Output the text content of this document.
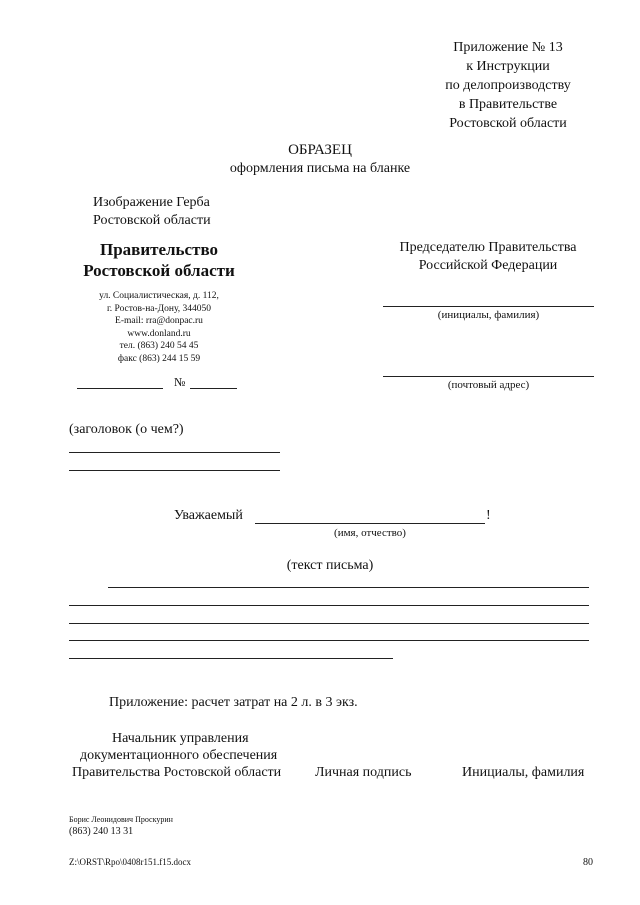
Приложение № 13
к Инструкции
по делопроизводству
в Правительстве
Ростовской области
ОБРАЗЕЦ
оформления письма на бланке
Изображение Герба
Ростовской области
Правительство
Ростовской области
ул. Социалистическая, д. 112,
г. Ростов-на-Дону, 344050
E-mail: rra@donpac.ru
www.donland.ru
тел. (863) 240 54 45
факс (863) 244 15 59
№
Председателю Правительства
Российской Федерации
(инициалы, фамилия)
(почтовый адрес)
(заголовок (о чем?)
Уважаемый	!
(имя, отчество)
(текст письма)
Приложение: расчет затрат на 2 л. в 3 экз.
Начальник управления
документационного обеспечения
Правительства Ростовской области Личная подпись	Инициалы, фамилия
Борис Леонидович Проскурин
(863) 240 13 31
Z:\ORST\Rpo\0408r151.f15.docx	80
